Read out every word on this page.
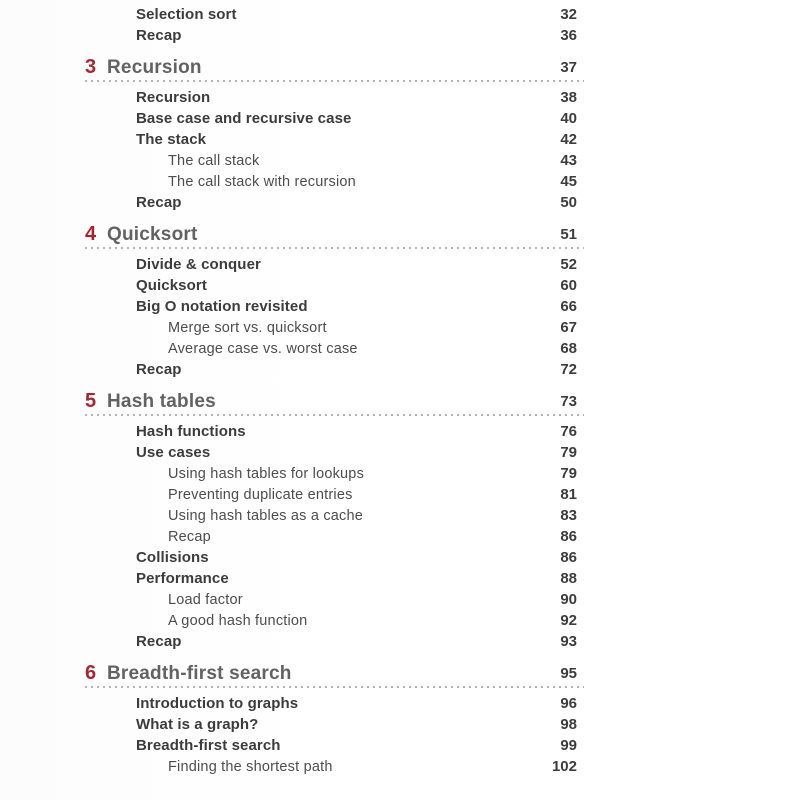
Selection sort	32
Recap	36
3 Recursion	37
Recursion	38
Base case and recursive case	40
The stack	42
The call stack	43
The call stack with recursion	45
Recap	50
4 Quicksort	51
Divide & conquer	52
Quicksort	60
Big O notation revisited	66
Merge sort vs. quicksort	67
Average case vs. worst case	68
Recap	72
5 Hash tables	73
Hash functions	76
Use cases	79
Using hash tables for lookups	79
Preventing duplicate entries	81
Using hash tables as a cache	83
Recap	86
Collisions	86
Performance	88
Load factor	90
A good hash function	92
Recap	93
6 Breadth-first search	95
Introduction to graphs	96
What is a graph?	98
Breadth-first search	99
Finding the shortest path	102
